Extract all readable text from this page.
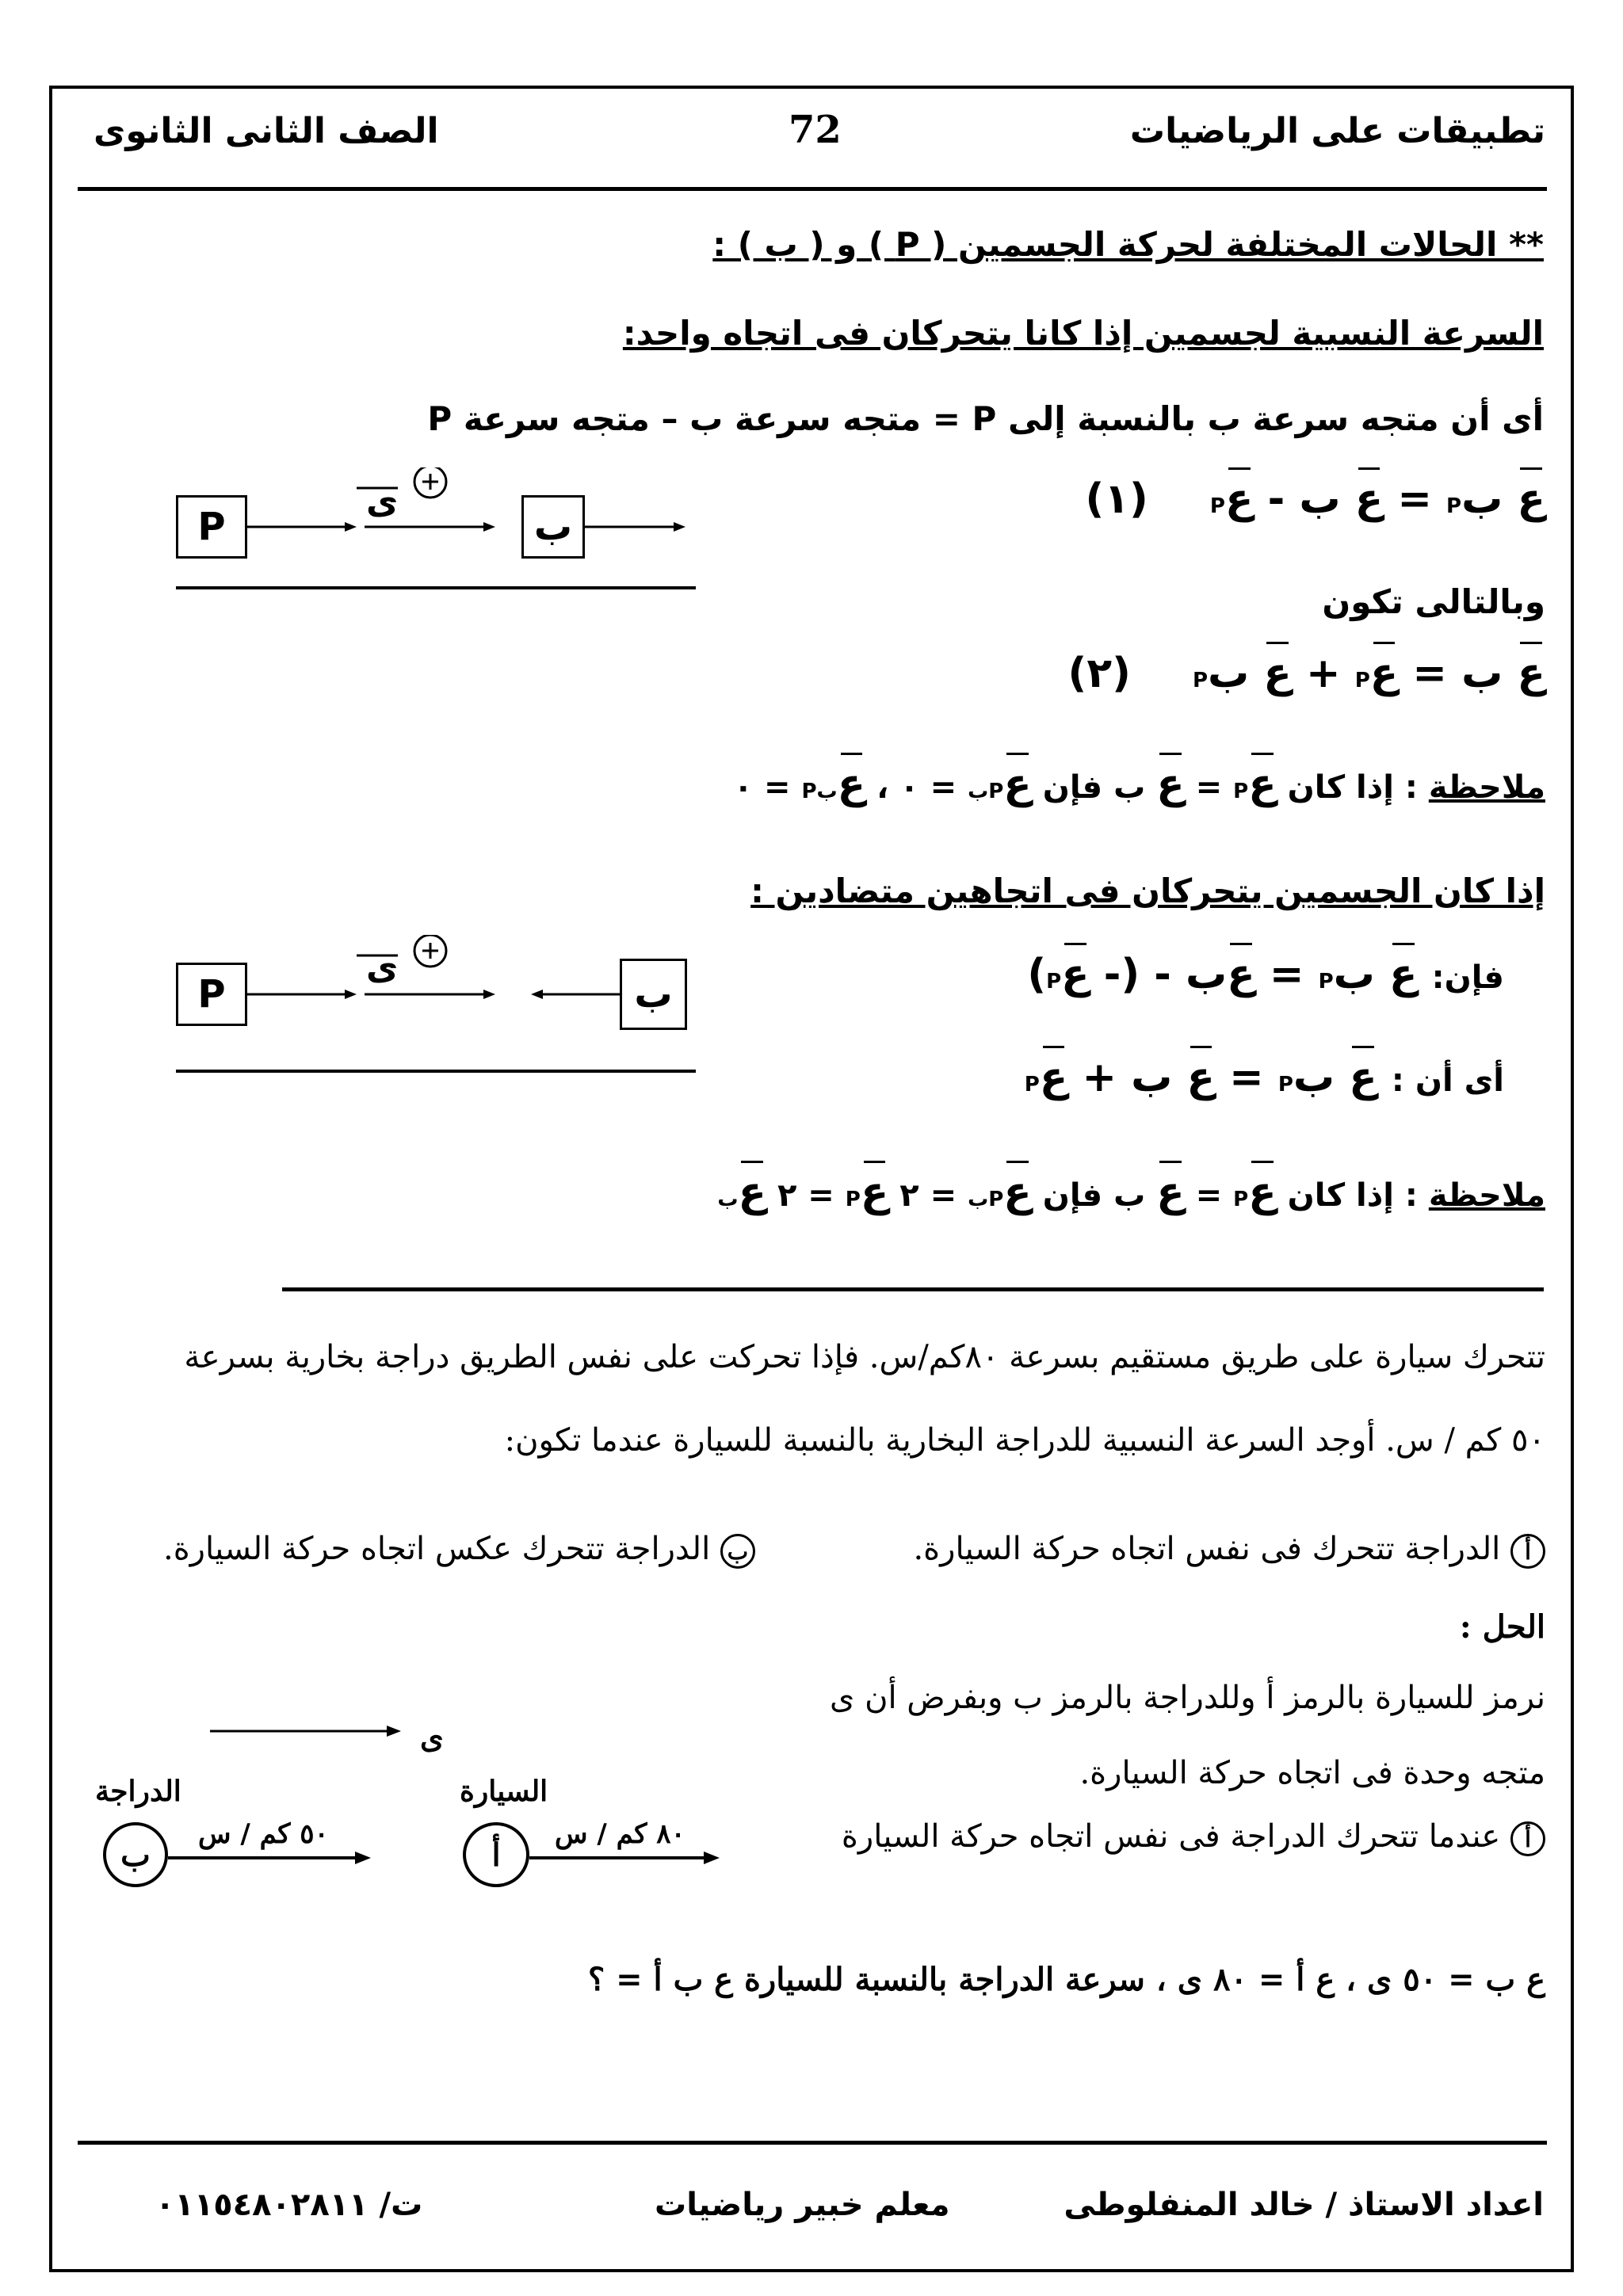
تطبيقات على الرياضيات
72
الصف الثانى الثانوى
** الحالات المختلفة لحركة الجسمين ( P ) و ( ب ) :
السرعة النسبية لجسمين إذا كانا يتحركان فى اتجاه واحد:
أى أن متجه سرعة ب بالنسبة إلى P = متجه سرعة ب – متجه سرعة P
ع بP = ع ب - عP (١)
P	ب
ى
وبالتالى تكون
ع ب = عP + ع بP (٢)
ملاحظة : إذا كان عP = ع ب فإن عPب = ٠ ، عبP = ٠
إذا كان الجسمين يتحركان فى اتجاهين متضادين :
فإن: ع بP = عب - (- عP)
أى أن : ع بP = ع ب + عP
P	ب
ى
ملاحظة : إذا كان عP = ع ب فإن عPب = ٢ عP = ٢ عب
تتحرك سيارة على طريق مستقيم بسرعة ٨٠كم/س. فإذا تحركت على نفس الطريق دراجة بخارية بسرعة
٥٠ كم / س. أوجد السرعة النسبية للدراجة البخارية بالنسبة للسيارة عندما تكون:
أ الدراجة تتحرك فى نفس اتجاه حركة السيارة.
ب الدراجة تتحرك عكس اتجاه حركة السيارة.
الحل :
نرمز للسيارة بالرمز أ وللدراجة بالرمز ب وبفرض أن ى
متجه وحدة فى اتجاه حركة السيارة.
أ عندما تتحرك الدراجة فى نفس اتجاه حركة السيارة
ى
الدراجة	السيارة
ب	أ
٥٠ كم / س	٨٠ كم / س
ع ب = ٥٠ ى ، ع أ = ٨٠ ى ، سرعة الدراجة بالنسبة للسيارة ع ب أ = ؟
اعداد الاستاذ / خالد المنفلوطى
معلم خبير رياضيات
ت/ ٠١١٥٤٨٠٢٨١١
